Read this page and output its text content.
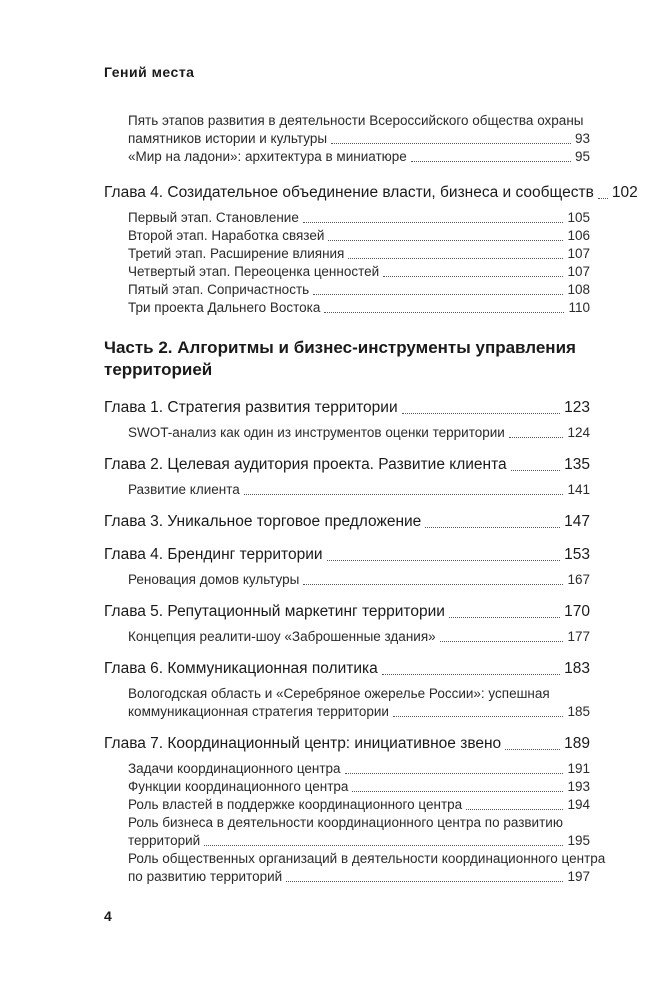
Гений места
Пять этапов развития в деятельности Всероссийского общества охраны
памятников истории и культуры	93
«Мир на ладони»: архитектура в миниатюре	95
Глава 4. Созидательное объединение власти, бизнеса и сообществ 102
Первый этап. Становление	105
Второй этап. Наработка связей	106
Третий этап. Расширение влияния	107
Четвертый этап. Переоценка ценностей	107
Пятый этап. Сопричастность	108
Три проекта Дальнего Востока	110
Часть 2. Алгоритмы и бизнес-инструменты управления
территорией
Глава 1. Стратегия развития территории	123
SWOT-анализ как один из инструментов оценки территории	124
Глава 2. Целевая аудитория проекта. Развитие клиента	135
Развитие клиента	141
Глава 3. Уникальное торговое предложение	147
Глава 4. Брендинг территории	153
Реновация домов культуры	167
Глава 5. Репутационный маркетинг территории	170
Концепция реалити-шоу «Заброшенные здания»	177
Глава 6. Коммуникационная политика	183
Вологодская область и «Серебряное ожерелье России»: успешная
коммуникационная стратегия территории	185
Глава 7. Координационный центр: инициативное звено	189
Задачи координационного центра	191
Функции координационного центра	193
Роль властей в поддержке координационного центра	194
Роль бизнеса в деятельности координационного центра по развитию
территорий	195
Роль общественных организаций в деятельности координационного центра
по развитию территорий	197
4
